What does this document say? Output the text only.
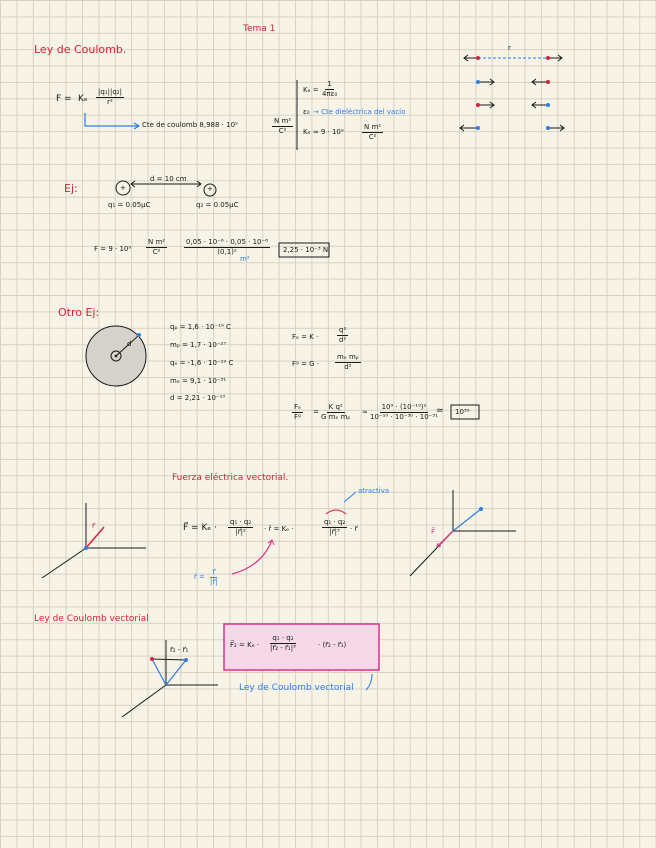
Tema 1
Ley de Coulomb.
F = Kₑ $\frac{\text{|q₁||q₂|}}{\text{r²}}$
Cte de coulomb 8,988 · 10⁹	$\frac{\text{N m²}}{\text{C²}}$
$K_e = \frac{1}{\text{4πε₀}}$
ε₀ → Cte dieléctrica del vacío
Kₑ ≈ 9 · 10⁹	$\frac{\text{N m²}}{\text{C²}}$
r
Ej:
d = 10 cm
+	+
q₁ = 0.05μC	q₂ = 0.05μC
$F = 9 \cdot 10^9 \frac{\text{N m²}}{\text{C²}} \frac{\text{0,05 · 10⁻⁶ · 0,05 · 10⁻⁶}}{\text{(0,1)²}}$
m²
2,25 · 10⁻³ N
Otro Ej:
d
qₚ = 1,6 · 10⁻¹⁹ C
mₚ = 1,7 · 10⁻²⁷
qₑ = -1,6 · 10⁻¹⁹ C
mₑ = 9,1 · 10⁻³¹
d = 2,21 · 10⁻¹⁰
Fₑ = K ·	$\frac{\text{q²}}{\text{d²}}$
Fᵍ = $G \cdot \frac{\text{mₑ mₚ}}{\text{d²}}$
$\frac{\text{Fₑ}}{\text{Fᵍ}} = \frac{\text{K q²}}{\text{G mₑ mₚ}} \approx \frac{\text{10⁹ · (10⁻¹⁹)²}}{\text{10⁻¹⁰ · 10⁻³⁰ · 10⁻³¹}}$
≃ 10³⁹
Fuerza eléctrica vectorial.
atractiva
F⃗ = $K_e \cdot \frac{\text{q₁ · q₂}}{\text{|r⃗|²}}$ · r̂ = Kₑ ·	$\frac{\text{q₁ · q₂}}{\text{|r⃗|³}}$ · r⃗
r̂ = $\frac{r⃗}{|r⃗|}$
r⃗
F⃗
Ley de Coulomb vectorial
F⃗₂ = $K_e \cdot \frac{\text{q₁ · q₂}}{\text{|r⃗₂ - r⃗₁|³}}$	· (r⃗₂ - r⃗₁)
Ley de Coulomb vectorial
r⃗₂ - r⃗₁
